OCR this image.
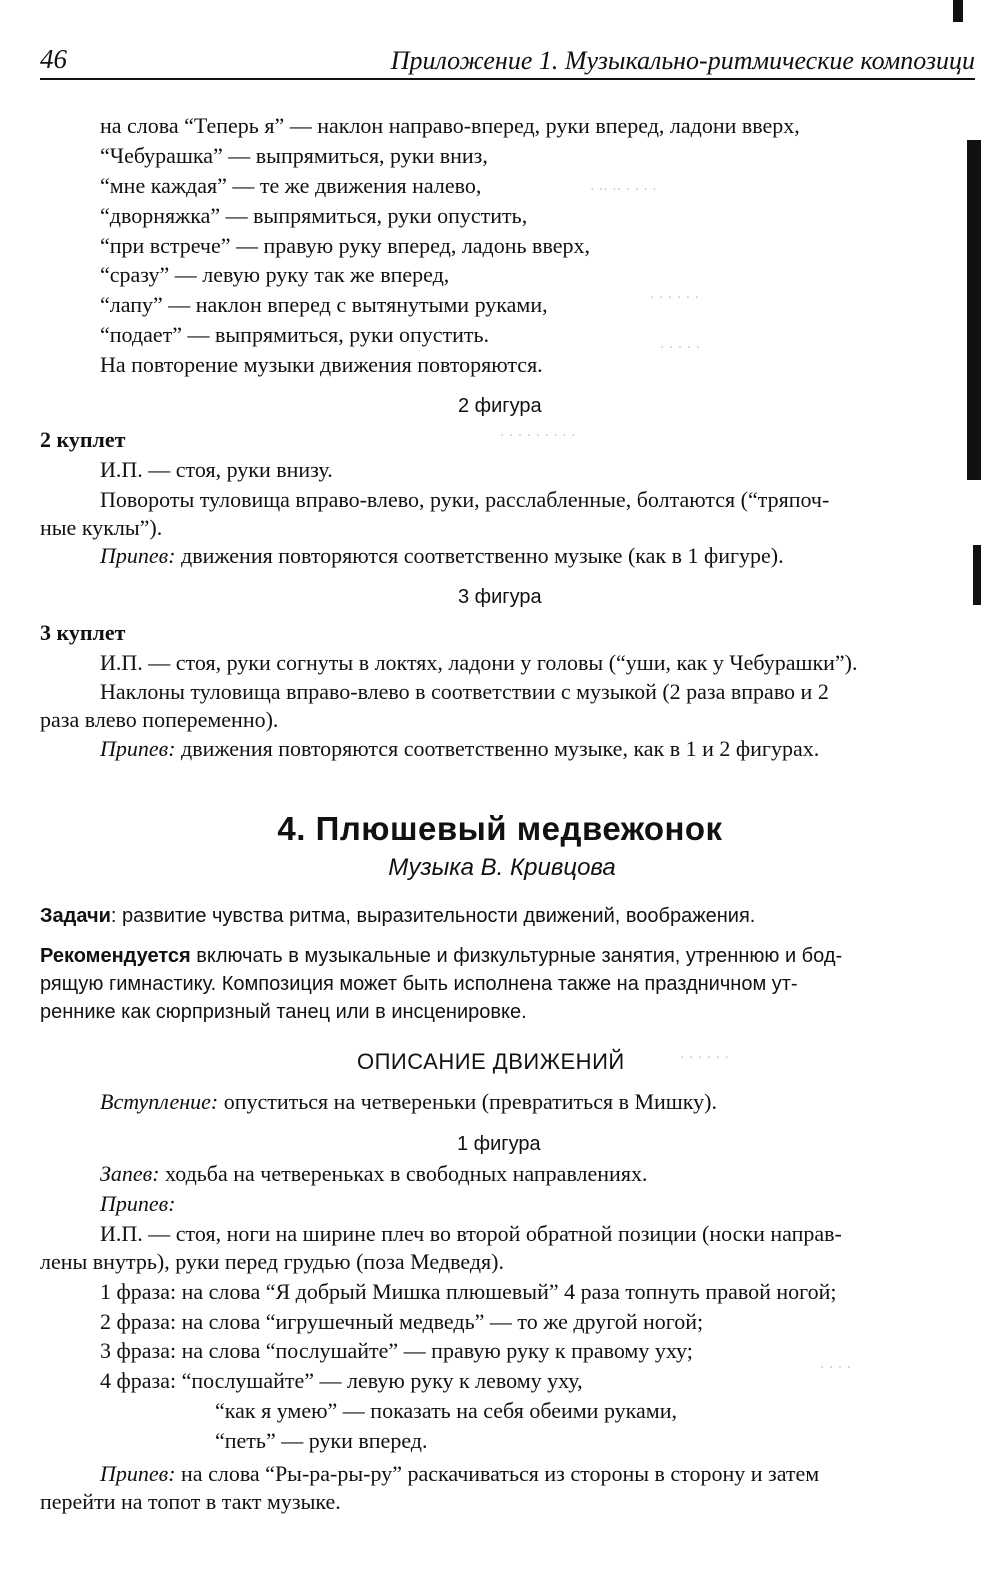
46	Приложение 1. Музыкально-ритмические композици
на слова “Теперь я” — наклон направо-вперед, руки вперед, ладони вверх,
“Чебурашка” — выпрямиться, руки вниз,
“мне каждая” — те же движения налево,
“дворняжка” — выпрямиться, руки опустить,
“при встрече” — правую руку вперед, ладонь вверх,
“сразу” — левую руку так же вперед,
“лапу” — наклон вперед с вытянутыми руками,
“подает” — выпрямиться, руки опустить.
На повторение музыки движения повторяются.
2 фигура
2 куплет
И.П. — стоя, руки внизу.
Повороты туловища вправо-влево, руки, расслабленные, болтаются (“тряпоч-
ные куклы”).
Припев: движения повторяются соответственно музыке (как в 1 фигуре).
3 фигура
3 куплет
И.П. — стоя, руки согнуты в локтях, ладони у головы (“уши, как у Чебурашки”).
Наклоны туловища вправо-влево в соответствии с музыкой (2 раза вправо и 2
раза влево попеременно).
Припев: движения повторяются соответственно музыке, как в 1 и 2 фигурах.
4. Плюшевый медвежонок
Музыка В. Кривцова
Задачи: развитие чувства ритма, выразительности движений, воображения.
Рекомендуется включать в музыкальные и физкультурные занятия, утреннюю и бод-
рящую гимнастику. Композиция может быть исполнена также на праздничном ут-
реннике как сюрпризный танец или в инсценировке.
ОПИСАНИЕ ДВИЖЕНИЙ
Вступление: опуститься на четвереньки (превратиться в Мишку).
1 фигура
Запев: ходьба на четвереньках в свободных направлениях.
Припев:
И.П. — стоя, ноги на ширине плеч во второй обратной позиции (носки направ-
лены внутрь), руки перед грудью (поза Медведя).
1 фраза: на слова “Я добрый Мишка плюшевый” 4 раза топнуть правой ногой;
2 фраза: на слова “игрушечный медведь” — то же другой ногой;
3 фраза: на слова “послушайте” — правую руку к правому уху;
4 фраза: “послушайте” — левую руку к левому уху,
“как я умею” — показать на себя обеими руками,
“петь” — руки вперед.
Припев: на слова “Ры-ра-ры-ру” раскачиваться из стороны в сторону и затем
перейти на топот в такт музыке.
· ·· ·· · · · ·
· · · · · ·
· · · · ·
· · · · · · · · ·
· · · · · ·
· · · ·
